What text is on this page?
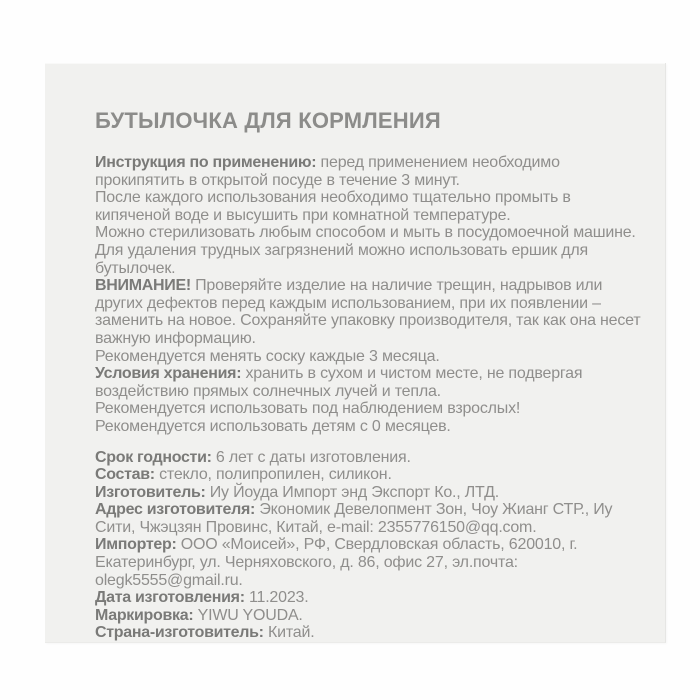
БУТЫЛОЧКА ДЛЯ КОРМЛЕНИЯ

Инструкция по применению: перед применением необходимо прокипятить в открытой посуде в течение 3 минут.

После каждого использования необходимо тщательно промыть в кипяченой воде и высушить при комнатной температуре.

Можно стерилизовать любым способом и мыть в посудомоечной машине. Для удаления трудных загрязнений можно использовать ершик для бутылочек.

ВНИМАНИЕ! Проверяйте изделие на наличие трещин, надрывов или других дефектов перед каждым использованием, при их появлении – заменить на новое. Сохраняйте упаковку производителя, так как она несет важную информацию.

Рекомендуется менять соску каждые 3 месяца.

Условия хранения: хранить в сухом и чистом месте, не подвергая воздействию прямых солнечных лучей и тепла.

Рекомендуется использовать под наблюдением взрослых!

Рекомендуется использовать детям с 0 месяцев.

Срок годности: 6 лет с даты изготовления.

Состав: стекло, полипропилен, силикон.

Изготовитель: Иу Йоуда Импорт энд Экспорт Ко., ЛТД.

Адрес изготовителя: Экономик Девелопмент Зон, Чоу Жианг СТР., Иу Сити, Чжэцзян Провинс, Китай, e-mail: 2355776150@qq.com.

Импортер: ООО «Моисей», РФ, Свердловская область, 620010, г. Екатеринбург, ул. Черняховского, д. 86, офис 27, эл.почта: olegk5555@gmail.ru.

Дата изготовления: 11.2023.

Маркировка: YIWU YOUDA.

Страна-изготовитель: Китай.
